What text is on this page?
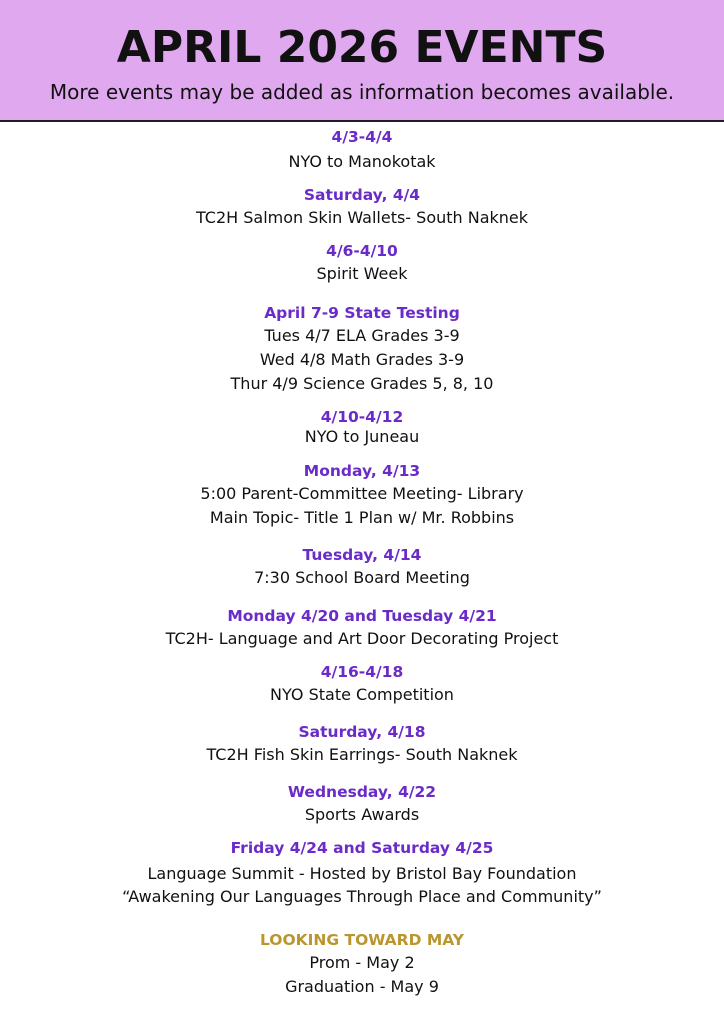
APRIL 2026 EVENTS
More events may be added as information becomes available.
4/3-4/4
NYO to Manokotak
Saturday, 4/4
TC2H Salmon Skin Wallets- South Naknek
4/6-4/10
Spirit Week
April 7-9 State Testing
Tues 4/7 ELA Grades 3-9
Wed 4/8 Math Grades 3-9
Thur 4/9 Science Grades 5, 8, 10
4/10-4/12
NYO to Juneau
Monday, 4/13
5:00 Parent-Committee Meeting- Library
Main Topic- Title 1 Plan w/ Mr. Robbins
Tuesday, 4/14
7:30 School Board Meeting
Monday 4/20 and Tuesday 4/21
TC2H- Language and Art Door Decorating Project
4/16-4/18
NYO State Competition
Saturday, 4/18
TC2H Fish Skin Earrings- South Naknek
Wednesday, 4/22
Sports Awards
Friday 4/24 and Saturday 4/25
Language Summit - Hosted by Bristol Bay Foundation
“Awakening Our Languages Through Place and Community”
LOOKING TOWARD MAY
Prom - May 2
Graduation - May 9
